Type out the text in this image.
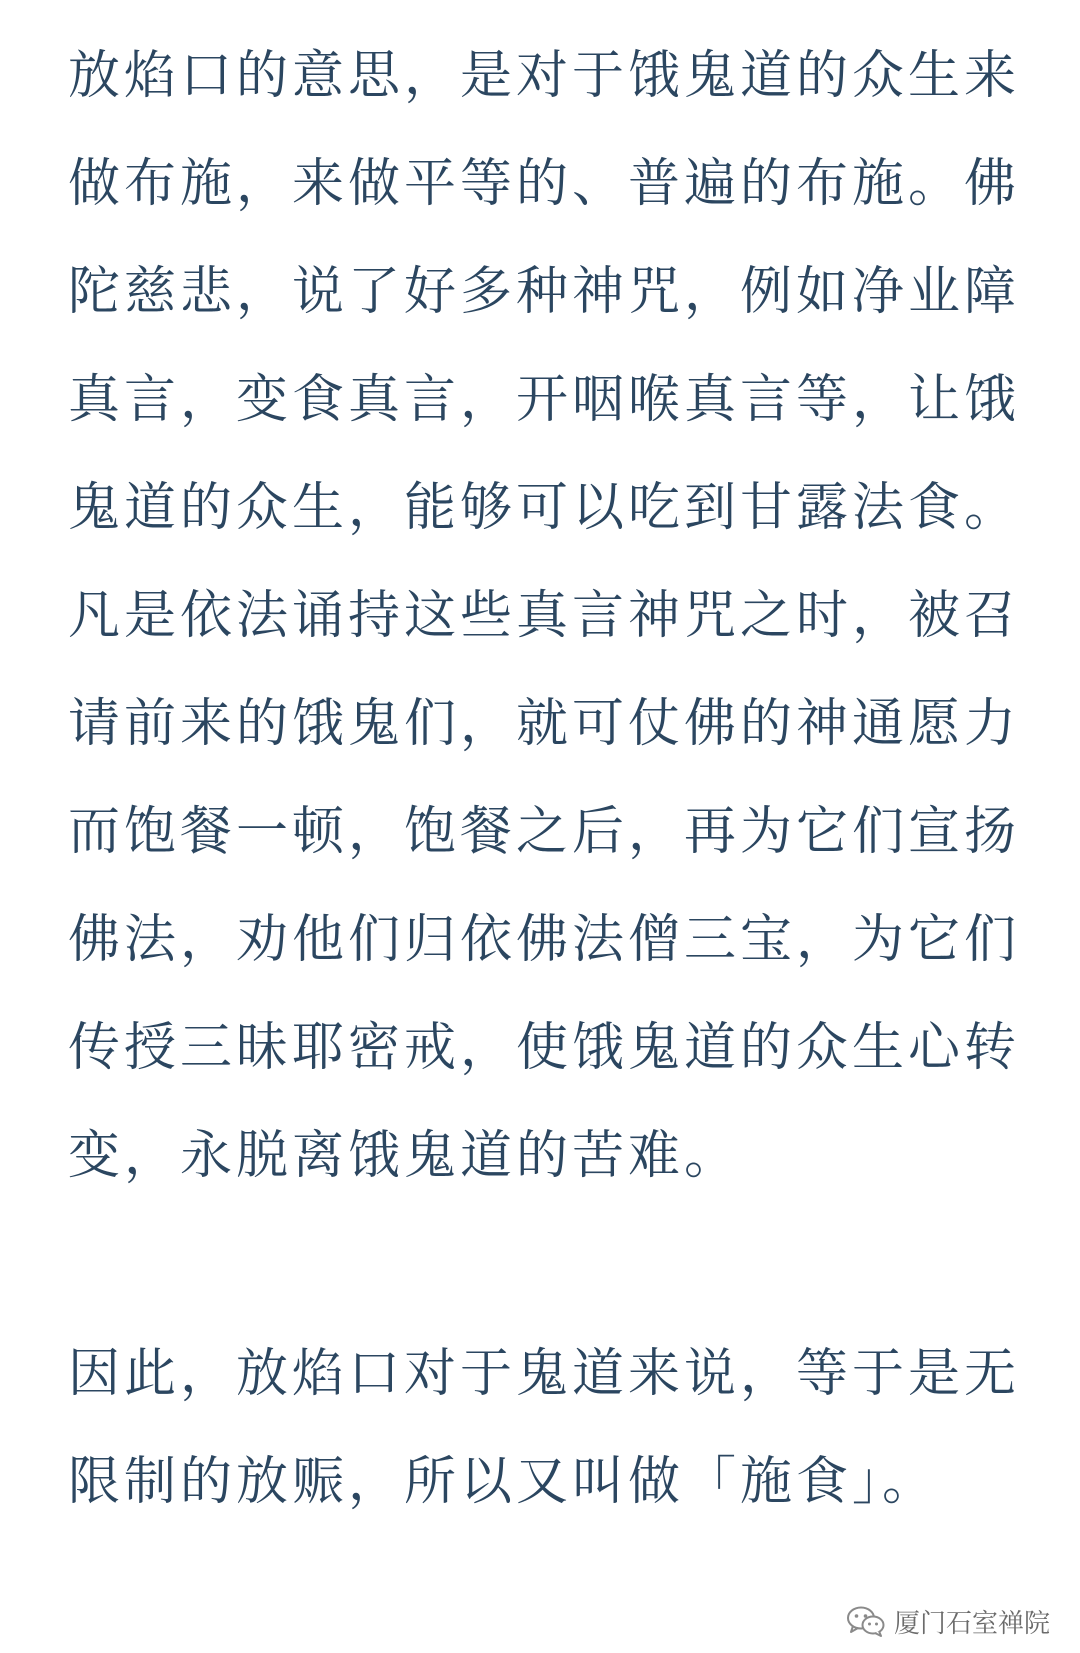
放焰口的意思，是对于饿鬼道的众生来
做布施，来做平等的、普遍的布施。佛
陀慈悲，说了好多种神咒，例如净业障
真言，变食真言，开咽喉真言等，让饿
鬼道的众生，能够可以吃到甘露法食。
凡是依法诵持这些真言神咒之时，被召
请前来的饿鬼们，就可仗佛的神通愿力
而饱餐一顿，饱餐之后，再为它们宣扬
佛法，劝他们归依佛法僧三宝，为它们
传授三昧耶密戒，使饿鬼道的众生心转
变，永脱离饿鬼道的苦难。
因此，放焰口对于鬼道来说，等于是无
限制的放赈，所以又叫做「施食」。
厦门石室禅院
